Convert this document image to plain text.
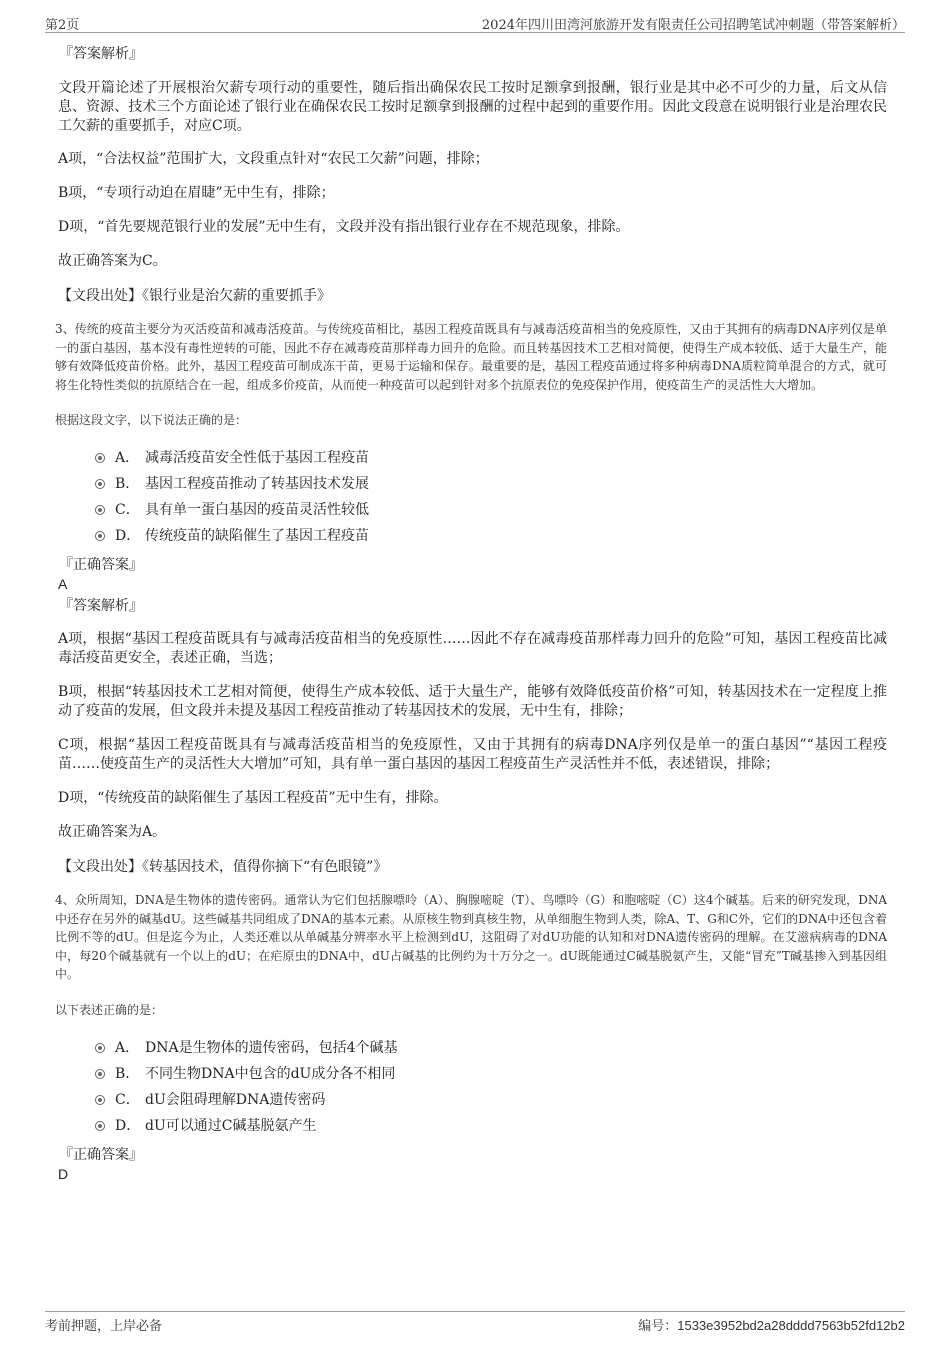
第2页	2024年四川田湾河旅游开发有限责任公司招聘笔试冲刺题（带答案解析）
『答案解析』
文段开篇论述了开展根治欠薪专项行动的重要性，随后指出确保农民工按时足额拿到报酬，银行业是其中必不可少的力量，后文从信息、资源、技术三个方面论述了银行业在确保农民工按时足额拿到报酬的过程中起到的重要作用。因此文段意在说明银行业是治理农民工欠薪的重要抓手，对应C项。
A项，“合法权益”范围扩大，文段重点针对“农民工欠薪”问题，排除；
B项，“专项行动迫在眉睫”无中生有，排除；
D项，“首先要规范银行业的发展”无中生有，文段并没有指出银行业存在不规范现象，排除。
故正确答案为C。
【文段出处】《银行业是治欠薪的重要抓手》
3、传统的疫苗主要分为灭活疫苗和减毒活疫苗。与传统疫苗相比，基因工程疫苗既具有与减毒活疫苗相当的免疫原性，又由于其拥有的病毒DNA序列仅是单一的蛋白基因，基本没有毒性逆转的可能，因此不存在减毒疫苗那样毒力回升的危险。而且转基因技术工艺相对简便，使得生产成本较低、适于大量生产，能够有效降低疫苗价格。此外，基因工程疫苗可制成冻干苗，更易于运输和保存。最重要的是，基因工程疫苗通过将多种病毒DNA质粒简单混合的方式，就可将生化特性类似的抗原结合在一起，组成多价疫苗，从而使一种疫苗可以起到针对多个抗原表位的免疫保护作用，使疫苗生产的灵活性大大增加。
根据这段文字，以下说法正确的是：
A． 减毒活疫苗安全性低于基因工程疫苗
B． 基因工程疫苗推动了转基因技术发展
C． 具有单一蛋白基因的疫苗灵活性较低
D． 传统疫苗的缺陷催生了基因工程疫苗
『正确答案』
A
『答案解析』
A项，根据“基因工程疫苗既具有与减毒活疫苗相当的免疫原性……因此不存在减毒疫苗那样毒力回升的危险”可知，基因工程疫苗比减毒活疫苗更安全，表述正确，当选；
B项，根据“转基因技术工艺相对简便，使得生产成本较低、适于大量生产，能够有效降低疫苗价格”可知，转基因技术在一定程度上推动了疫苗的发展，但文段并未提及基因工程疫苗推动了转基因技术的发展，无中生有，排除；
C项，根据“基因工程疫苗既具有与减毒活疫苗相当的免疫原性，又由于其拥有的病毒DNA序列仅是单一的蛋白基因”“基因工程疫苗……使疫苗生产的灵活性大大增加”可知，具有单一蛋白基因的基因工程疫苗生产灵活性并不低，表述错误，排除；
D项，“传统疫苗的缺陷催生了基因工程疫苗”无中生有，排除。
故正确答案为A。
【文段出处】《转基因技术，值得你摘下“有色眼镜”》
4、众所周知，DNA是生物体的遗传密码。通常认为它们包括腺嘌呤（A）、胸腺嘧啶（T）、鸟嘌呤（G）和胞嘧啶（C）这4个碱基。后来的研究发现，DNA中还存在另外的碱基dU。这些碱基共同组成了DNA的基本元素。从原核生物到真核生物，从单细胞生物到人类，除A、T、G和C外，它们的DNA中还包含着比例不等的dU。但是迄今为止，人类还难以从单碱基分辨率水平上检测到dU，这阻碍了对dU功能的认知和对DNA遗传密码的理解。在艾滋病病毒的DNA中，每20个碱基就有一个以上的dU；在疟原虫的DNA中，dU占碱基的比例约为十万分之一。dU既能通过C碱基脱氨产生，又能“冒充”T碱基掺入到基因组中。
以下表述正确的是：
A． DNA是生物体的遗传密码，包括4个碱基
B． 不同生物DNA中包含的dU成分各不相同
C． dU会阻碍理解DNA遗传密码
D． dU可以通过C碱基脱氨产生
『正确答案』
D
考前押题，上岸必备	编号：1533e3952bd2a28dddd7563b52fd12b2
